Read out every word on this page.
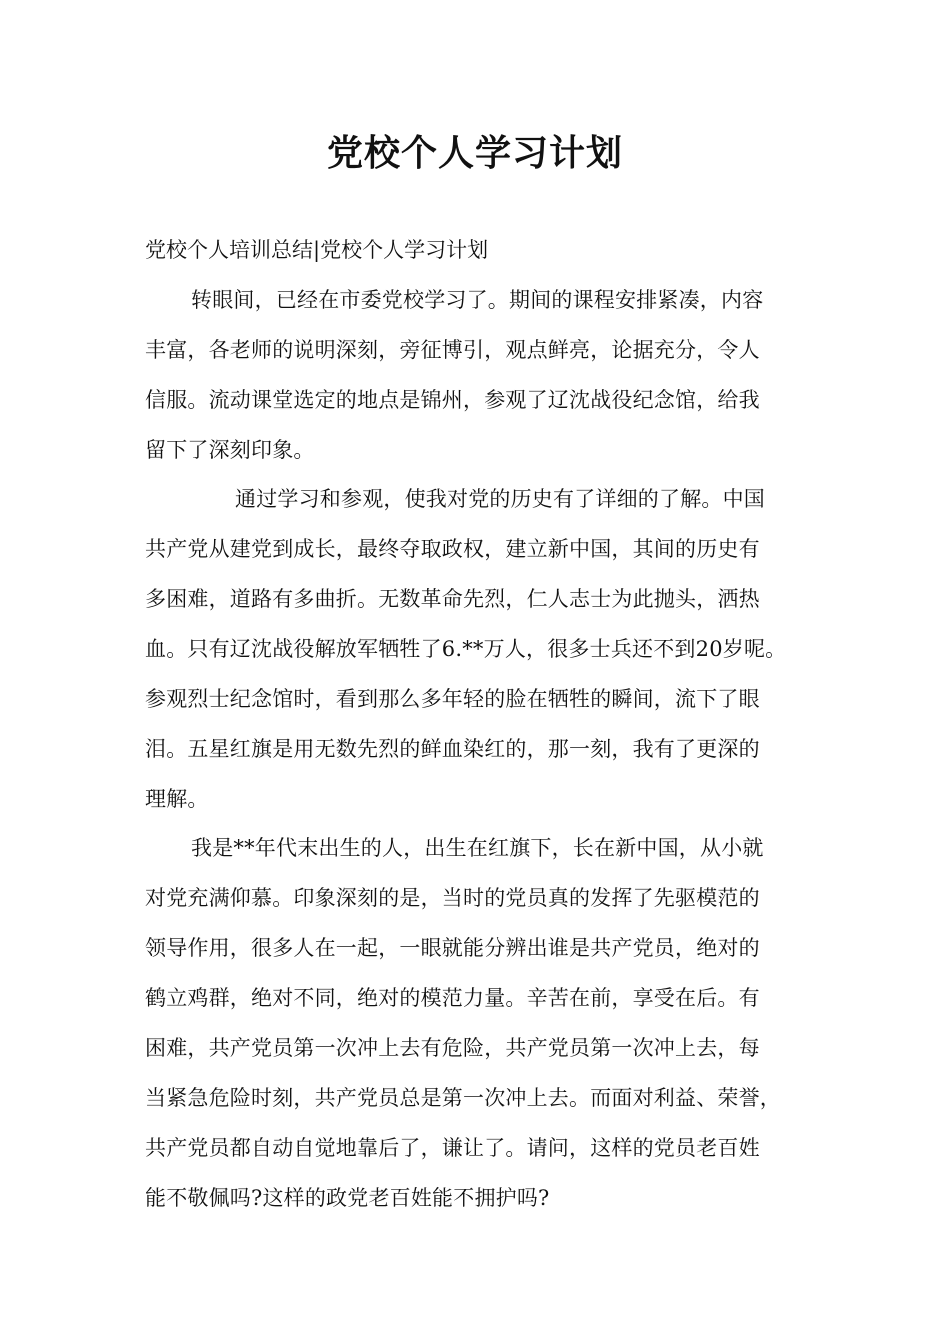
党校个人学习计划
党校个人培训总结|党校个人学习计划
转眼间，已经在市委党校学习了。期间的课程安排紧凑，内容
丰富，各老师的说明深刻，旁征博引，观点鲜亮，论据充分，令人
信服。流动课堂选定的地点是锦州，参观了辽沈战役纪念馆，给我
留下了深刻印象。
通过学习和参观，使我对党的历史有了详细的了解。中国
共产党从建党到成长，最终夺取政权，建立新中国，其间的历史有
多困难，道路有多曲折。无数革命先烈，仁人志士为此抛头，洒热
血。只有辽沈战役解放军牺牲了6.**万人，很多士兵还不到20岁呢。
参观烈士纪念馆时，看到那么多年轻的脸在牺牲的瞬间，流下了眼
泪。五星红旗是用无数先烈的鲜血染红的，那一刻，我有了更深的
理解。
我是**年代末出生的人，出生在红旗下，长在新中国，从小就
对党充满仰慕。印象深刻的是，当时的党员真的发挥了先驱模范的
领导作用，很多人在一起，一眼就能分辨出谁是共产党员，绝对的
鹤立鸡群，绝对不同，绝对的模范力量。辛苦在前，享受在后。有
困难，共产党员第一次冲上去有危险，共产党员第一次冲上去，每
当紧急危险时刻，共产党员总是第一次冲上去。而面对利益、荣誉，
共产党员都自动自觉地靠后了，谦让了。请问，这样的党员老百姓
能不敬佩吗?这样的政党老百姓能不拥护吗?
